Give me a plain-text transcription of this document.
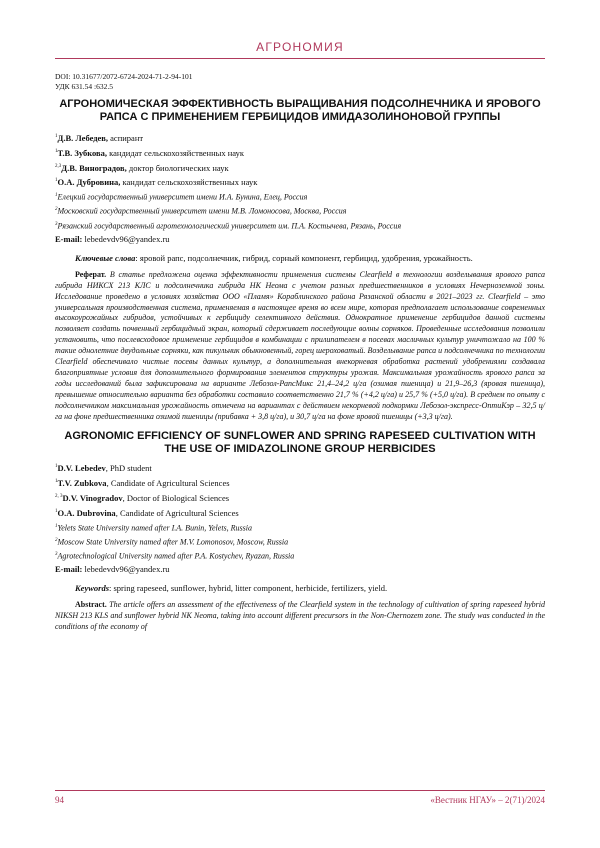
АГРОНОМИЯ
DOI: 10.31677/2072-6724-2024-71-2-94-101
УДК 631.54 :632.5
АГРОНОМИЧЕСКАЯ ЭФФЕКТИВНОСТЬ ВЫРАЩИВАНИЯ ПОДСОЛНЕЧНИКА И ЯРОВОГО РАПСА С ПРИМЕНЕНИЕМ ГЕРБИЦИДОВ ИМИДАЗОЛИНОНОВОЙ ГРУППЫ
$^1$Д.В. Лебедев, аспирант
$^1$Т.В. Зубкова, кандидат сельскохозяйственных наук
$^{2,3}$Д.В. Виноградов, доктор биологических наук
$^1$О.А. Дубровина, кандидат сельскохозяйственных наук
$^1$Елецкий государственный университет имени И.А. Бунина, Елец, Россия
$^2$Московский государственный университет имени М.В. Ломоносова, Москва, Россия
$^3$Рязанский государственный агротехнологический университет им. П.А. Костычева, Рязань, Россия
E-mail: lebedevdv96@yandex.ru
Ключевые слова: яровой рапс, подсолнечник, гибрид, сорный компонент, гербицид, удобрения, урожайность.

Реферат. В статье предложена оценка эффективности применения системы Clearfield в технологии возделывания ярового рапса гибрида НИКСХ 213 КЛС и подсолнечника гибрида НК Неома с учетом разных предшественников в условиях Нечерноземной зоны. Исследование проведено в условиях хозяйства ООО «Пламя» Кораблинского района Рязанской области в 2021–2023 гг. Clearfield – это универсальная производственная система, применяемая в настоящее время во всем мире, которая предполагает использование современных высокоурожайных гибридов, устойчивых к гербициду селективного действия. Однократное применение гербицидов данной системы позволяет создать почвенный гербицидный экран, который сдерживает последующие волны сорняков. Проведенные исследования позволили установить, что послевсходовое применение гербицидов в комбинации с прилипателем в посевах масличных культур уничтожало на 100 % такие однолетние двудольные сорняки, как пикульник обыкновенный, горец шероховатый. Возделывание рапса и подсолнечника по технологии Clearfield обеспечивало чистые посевы данных культур, а дополнительная внекорневая обработка растений удобрениями создавала благоприятные условия для дополнительного формирования элементов структуры урожая. Максимальная урожайность ярового рапса за годы исследований была зафиксирована на варианте Лебозол-РапсМикс 21,4–24,2 ц/га (озимая пшеница) и 21,9–26,3 (яровая пшеница), превышение относительно варианта без обработки составило соответственно 21,7 % (+4,2 ц/га) и 25,7 % (+5,0 ц/га). В среднем по опыту с подсолнечником максимальная урожайность отмечена на вариантах с действием некорневой подкормки Лебозол-экспресс-ОптиКэр – 32,5 ц/га на фоне предшественника озимой пшеницы (прибавка + 3,8 ц/га), и 30,7 ц/га на фоне яровой пшеницы (+3,3 ц/га).

AGRONOMIC EFFICIENCY OF SUNFLOWER AND SPRING RAPESEED CULTIVATION WITH THE USE OF IMIDAZOLINONE GROUP HERBICIDES
$^1$D.V. Lebedev, PhD student
$^1$T.V. Zubkova, Candidate of Agricultural Sciences
$^{2, 3}$D.V. Vinogradov, Doctor of Biological Sciences
$^1$O.A. Dubrovina, Candidate of Agricultural Sciences
$^1$Yelets State University named after I.A. Bunin, Yelets, Russia
$^2$Moscow State University named after M.V. Lomonosov, Moscow, Russia
$^3$Agrotechnological University named after P.A. Kostychev, Ryazan, Russia
E-mail: lebedevdv96@yandex.ru
Keywords: spring rapeseed, sunflower, hybrid, litter component, herbicide, fertilizers, yield.

Abstract. The article offers an assessment of the effectiveness of the Clearfield system in the technology of cultivation of spring rapeseed hybrid NIKSH 213 KLS and sunflower hybrid NK Neoma, taking into account different precursors in the Non-Chernozem zone. The study was conducted in the conditions of the economy of

94	«Вестник НГАУ» – 2(71)/2024
